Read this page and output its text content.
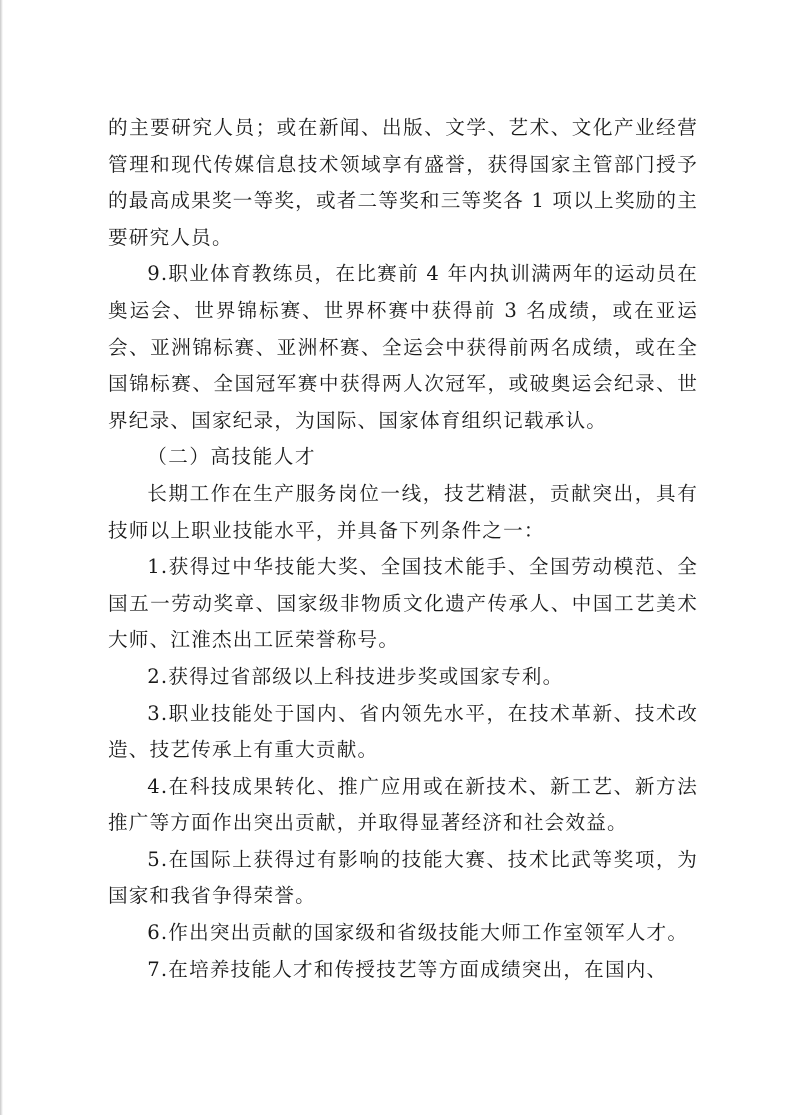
的主要研究人员；或在新闻、出版、文学、艺术、文化产业经营管理和现代传媒信息技术领域享有盛誉，获得国家主管部门授予的最高成果奖一等奖，或者二等奖和三等奖各 1 项以上奖励的主要研究人员。

9.职业体育教练员，在比赛前 4 年内执训满两年的运动员在奥运会、世界锦标赛、世界杯赛中获得前 3 名成绩，或在亚运会、亚洲锦标赛、亚洲杯赛、全运会中获得前两名成绩，或在全国锦标赛、全国冠军赛中获得两人次冠军，或破奥运会纪录、世界纪录、国家纪录，为国际、国家体育组织记载承认。

（二）高技能人才

长期工作在生产服务岗位一线，技艺精湛，贡献突出，具有技师以上职业技能水平，并具备下列条件之一：

1.获得过中华技能大奖、全国技术能手、全国劳动模范、全国五一劳动奖章、国家级非物质文化遗产传承人、中国工艺美术大师、江淮杰出工匠荣誉称号。

2.获得过省部级以上科技进步奖或国家专利。

3.职业技能处于国内、省内领先水平，在技术革新、技术改造、技艺传承上有重大贡献。

4.在科技成果转化、推广应用或在新技术、新工艺、新方法推广等方面作出突出贡献，并取得显著经济和社会效益。

5.在国际上获得过有影响的技能大赛、技术比武等奖项，为国家和我省争得荣誉。

6.作出突出贡献的国家级和省级技能大师工作室领军人才。

7.在培养技能人才和传授技艺等方面成绩突出，在国内、
